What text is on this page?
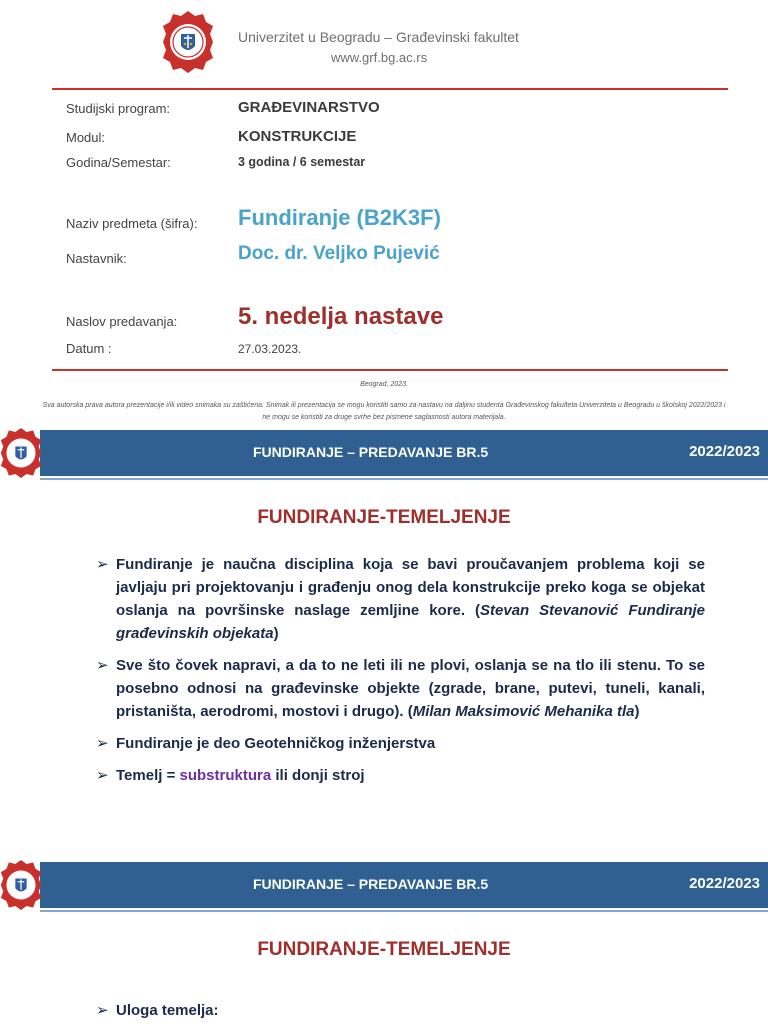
Univerzitet u Beogradu – Građevinski fakultet
www.grf.bg.ac.rs
Studijski program:	GRAĐEVINARSTVO
Modul:	KONSTRUKCIJE
Godina/Semestar:	3 godina / 6 semestar
Naziv predmeta (šifra): Fundiranje (B2K3F)
Nastavnik:	Doc. dr. Veljko Pujević
Naslov predavanja:	5. nedelja nastave
Datum :	27.03.2023.
Beograd, 2023.
Sva autorska prava autora prezentacije i/ili video snimaka su zaštićena. Snimak ili prezentacija se mogu koristiti samo za nastavu na daljinu studenta Građevinskog fakulteta Univerziteta u Beogradu u školskoj 2022/2023 i ne mogu se koristiti za druge svrhe bez pismene saglasnosti autora materijala.
FUNDIRANJE – PREDAVANJE BR.5	2022/2023
FUNDIRANJE-TEMELJENJE
➢ Fundiranje je naučna disciplina koja se bavi proučavanjem problema koji se javljaju pri projektovanju i građenju onog dela konstrukcije preko koga se objekat oslanja na površinske naslage zemljine kore. (Stevan Stevanović Fundiranje građevinskih objekata)
➢ Sve što čovek napravi, a da to ne leti ili ne plovi, oslanja se na tlo ili stenu. To se posebno odnosi na građevinske objekte (zgrade, brane, putevi, tuneli, kanali, pristaništa, aerodromi, mostovi i drugo). (Milan Maksimović Mehanika tla)
➢ Fundiranje je deo Geotehničkog inženjerstva
➢ Temelj = substruktura ili donji stroj
FUNDIRANJE – PREDAVANJE BR.5	2022/2023
FUNDIRANJE-TEMELJENJE
➢ Uloga temelja:
